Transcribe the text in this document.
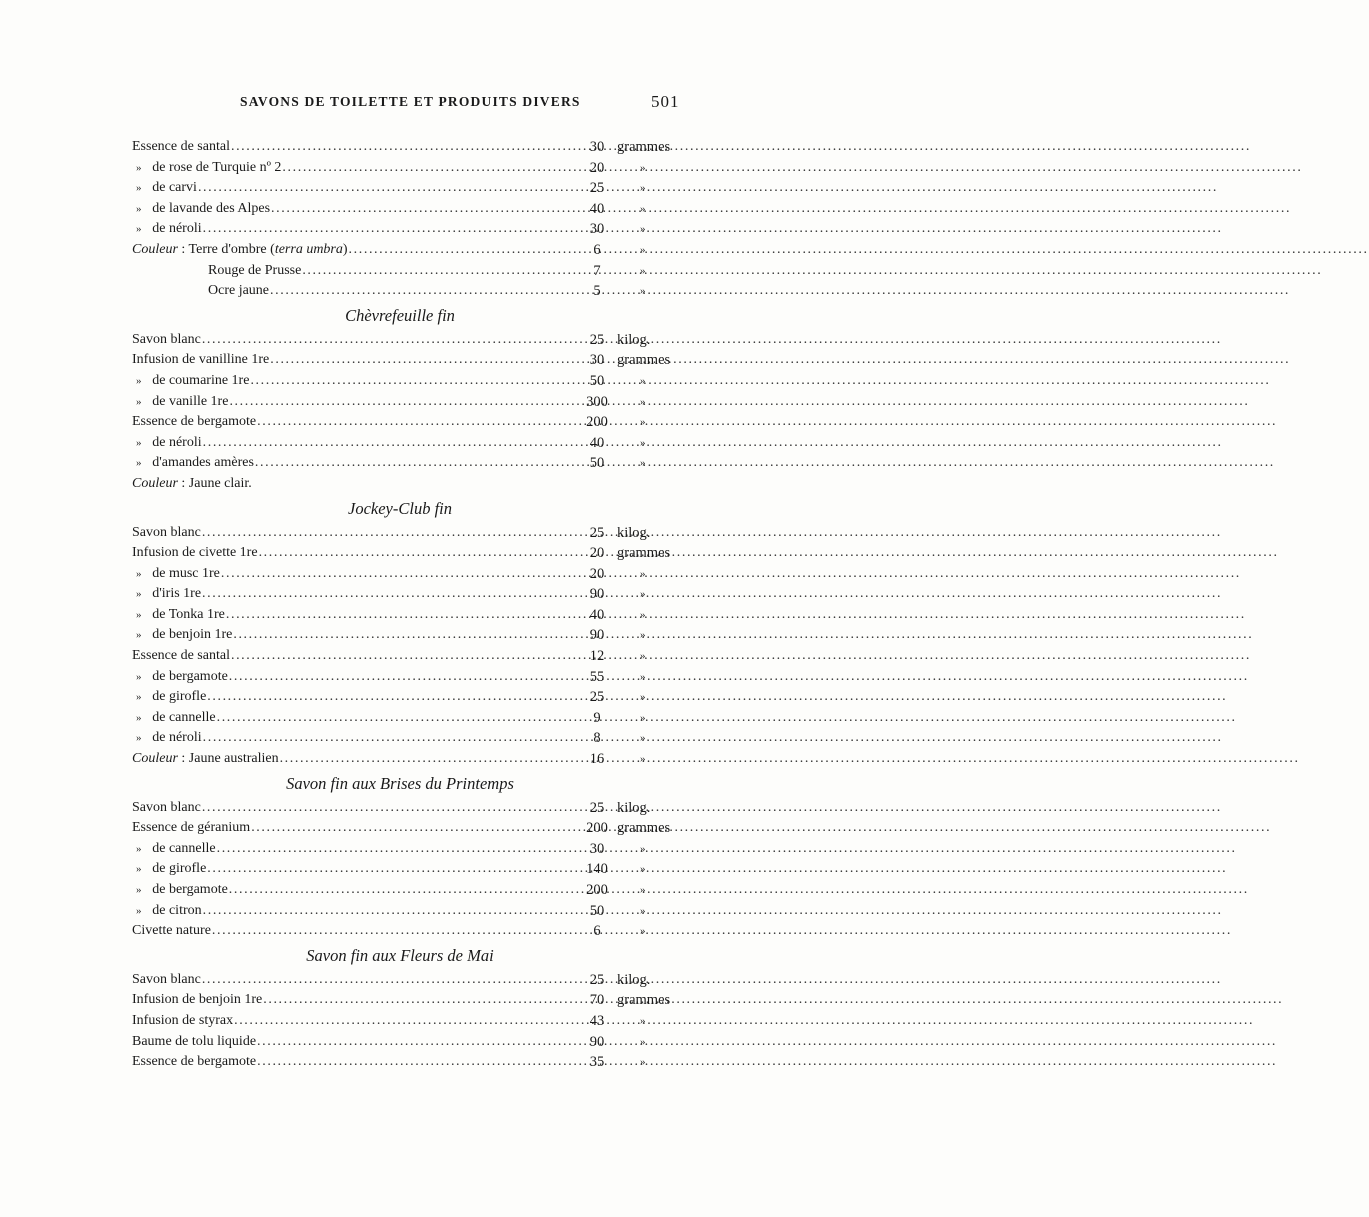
SAVONS DE TOILETTE ET PRODUITS DIVERS	501
Essence de santal .....	30 grammes
» de rose de Turquie nº 2 .....	20	»
» de carvi .....	25	»
» de lavande des Alpes .....	40	»
» de néroli .....	30	»
Couleur : Terre d'ombre (terra umbra) .....	6	»
Rouge de Prusse .....	7	»
Ocre jaune .....	5	»
Chèvrefeuille fin
Savon blanc .....	25 kilog.
Infusion de vanilline 1re .....	30 grammes
» de coumarine 1re .....	50	»
» de vanille 1re .....	300	»
Essence de bergamote .....	200	»
» de néroli .....	40	»
» d'amandes amères .....	50	»
Couleur : Jaune clair.
Jockey-Club fin
Savon blanc .....	25 kilog.
Infusion de civette 1re .....	20 grammes
» de musc 1re .....	20	»
» d'iris 1re .....	90	»
» de Tonka 1re .....	40	»
» de benjoin 1re .....	90	»
Essence de santal .....	12	»
» de bergamote .....	55	»
» de girofle .....	25	»
» de cannelle .....	9	»
» de néroli .....	8	»
Couleur : Jaune australien .....	16	»
Savon fin aux Brises du Printemps
Savon blanc .....	25 kilog.
Essence de géranium .....	200 grammes
» de cannelle .....	30	»
» de girofle .....	140	»
» de bergamote .....	200	»
» de citron .....	50	»
Civette nature .....	6	»
Savon fin aux Fleurs de Mai
Savon blanc .....	25 kilog.
Infusion de benjoin 1re .....	70 grammes
Infusion de styrax .....	43	»
Baume de tolu liquide .....	90	»
Essence de bergamote .....	35	»
